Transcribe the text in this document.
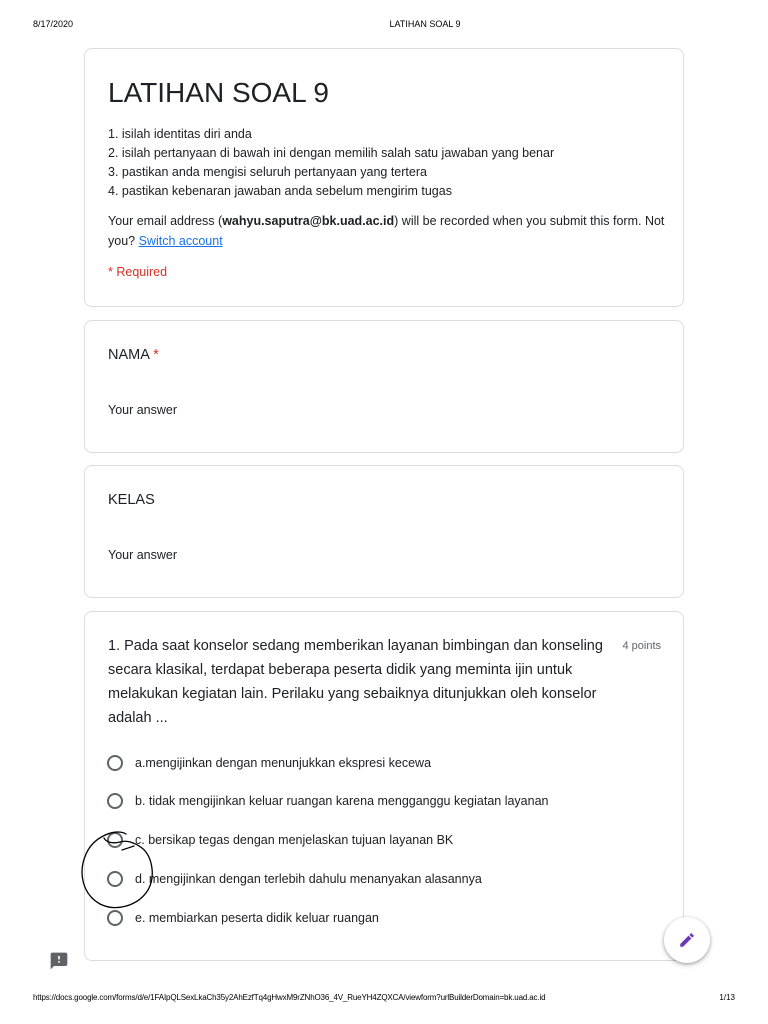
8/17/2020	LATIHAN SOAL 9
LATIHAN SOAL 9
1. isilah identitas diri anda
2. isilah pertanyaan di bawah ini dengan memilih salah satu jawaban yang benar
3. pastikan anda mengisi seluruh pertanyaan yang tertera
4. pastikan kebenaran jawaban anda sebelum mengirim tugas
Your email address (wahyu.saputra@bk.uad.ac.id) will be recorded when you submit this form. Not you? Switch account
* Required
NAMA *
Your answer
KELAS
Your answer
1. Pada saat konselor sedang memberikan layanan bimbingan dan konseling secara klasikal, terdapat beberapa peserta didik yang meminta ijin untuk melakukan kegiatan lain. Perilaku yang sebaiknya ditunjukkan oleh konselor adalah ...
4 points
a.mengijinkan dengan menunjukkan ekspresi kecewa
b. tidak mengijinkan keluar ruangan karena mengganggu kegiatan layanan
c. bersikap tegas dengan menjelaskan tujuan layanan BK
d. mengijinkan dengan terlebih dahulu menanyakan alasannya
e. membiarkan peserta didik keluar ruangan
https://docs.google.com/forms/d/e/1FAIpQLSexLkaCh35y2AhEzfTq4gHwxM9rZNhO36_4V_RueYH4ZQXCA/viewform?urlBuilderDomain=bk.uad.ac.id	1/13
